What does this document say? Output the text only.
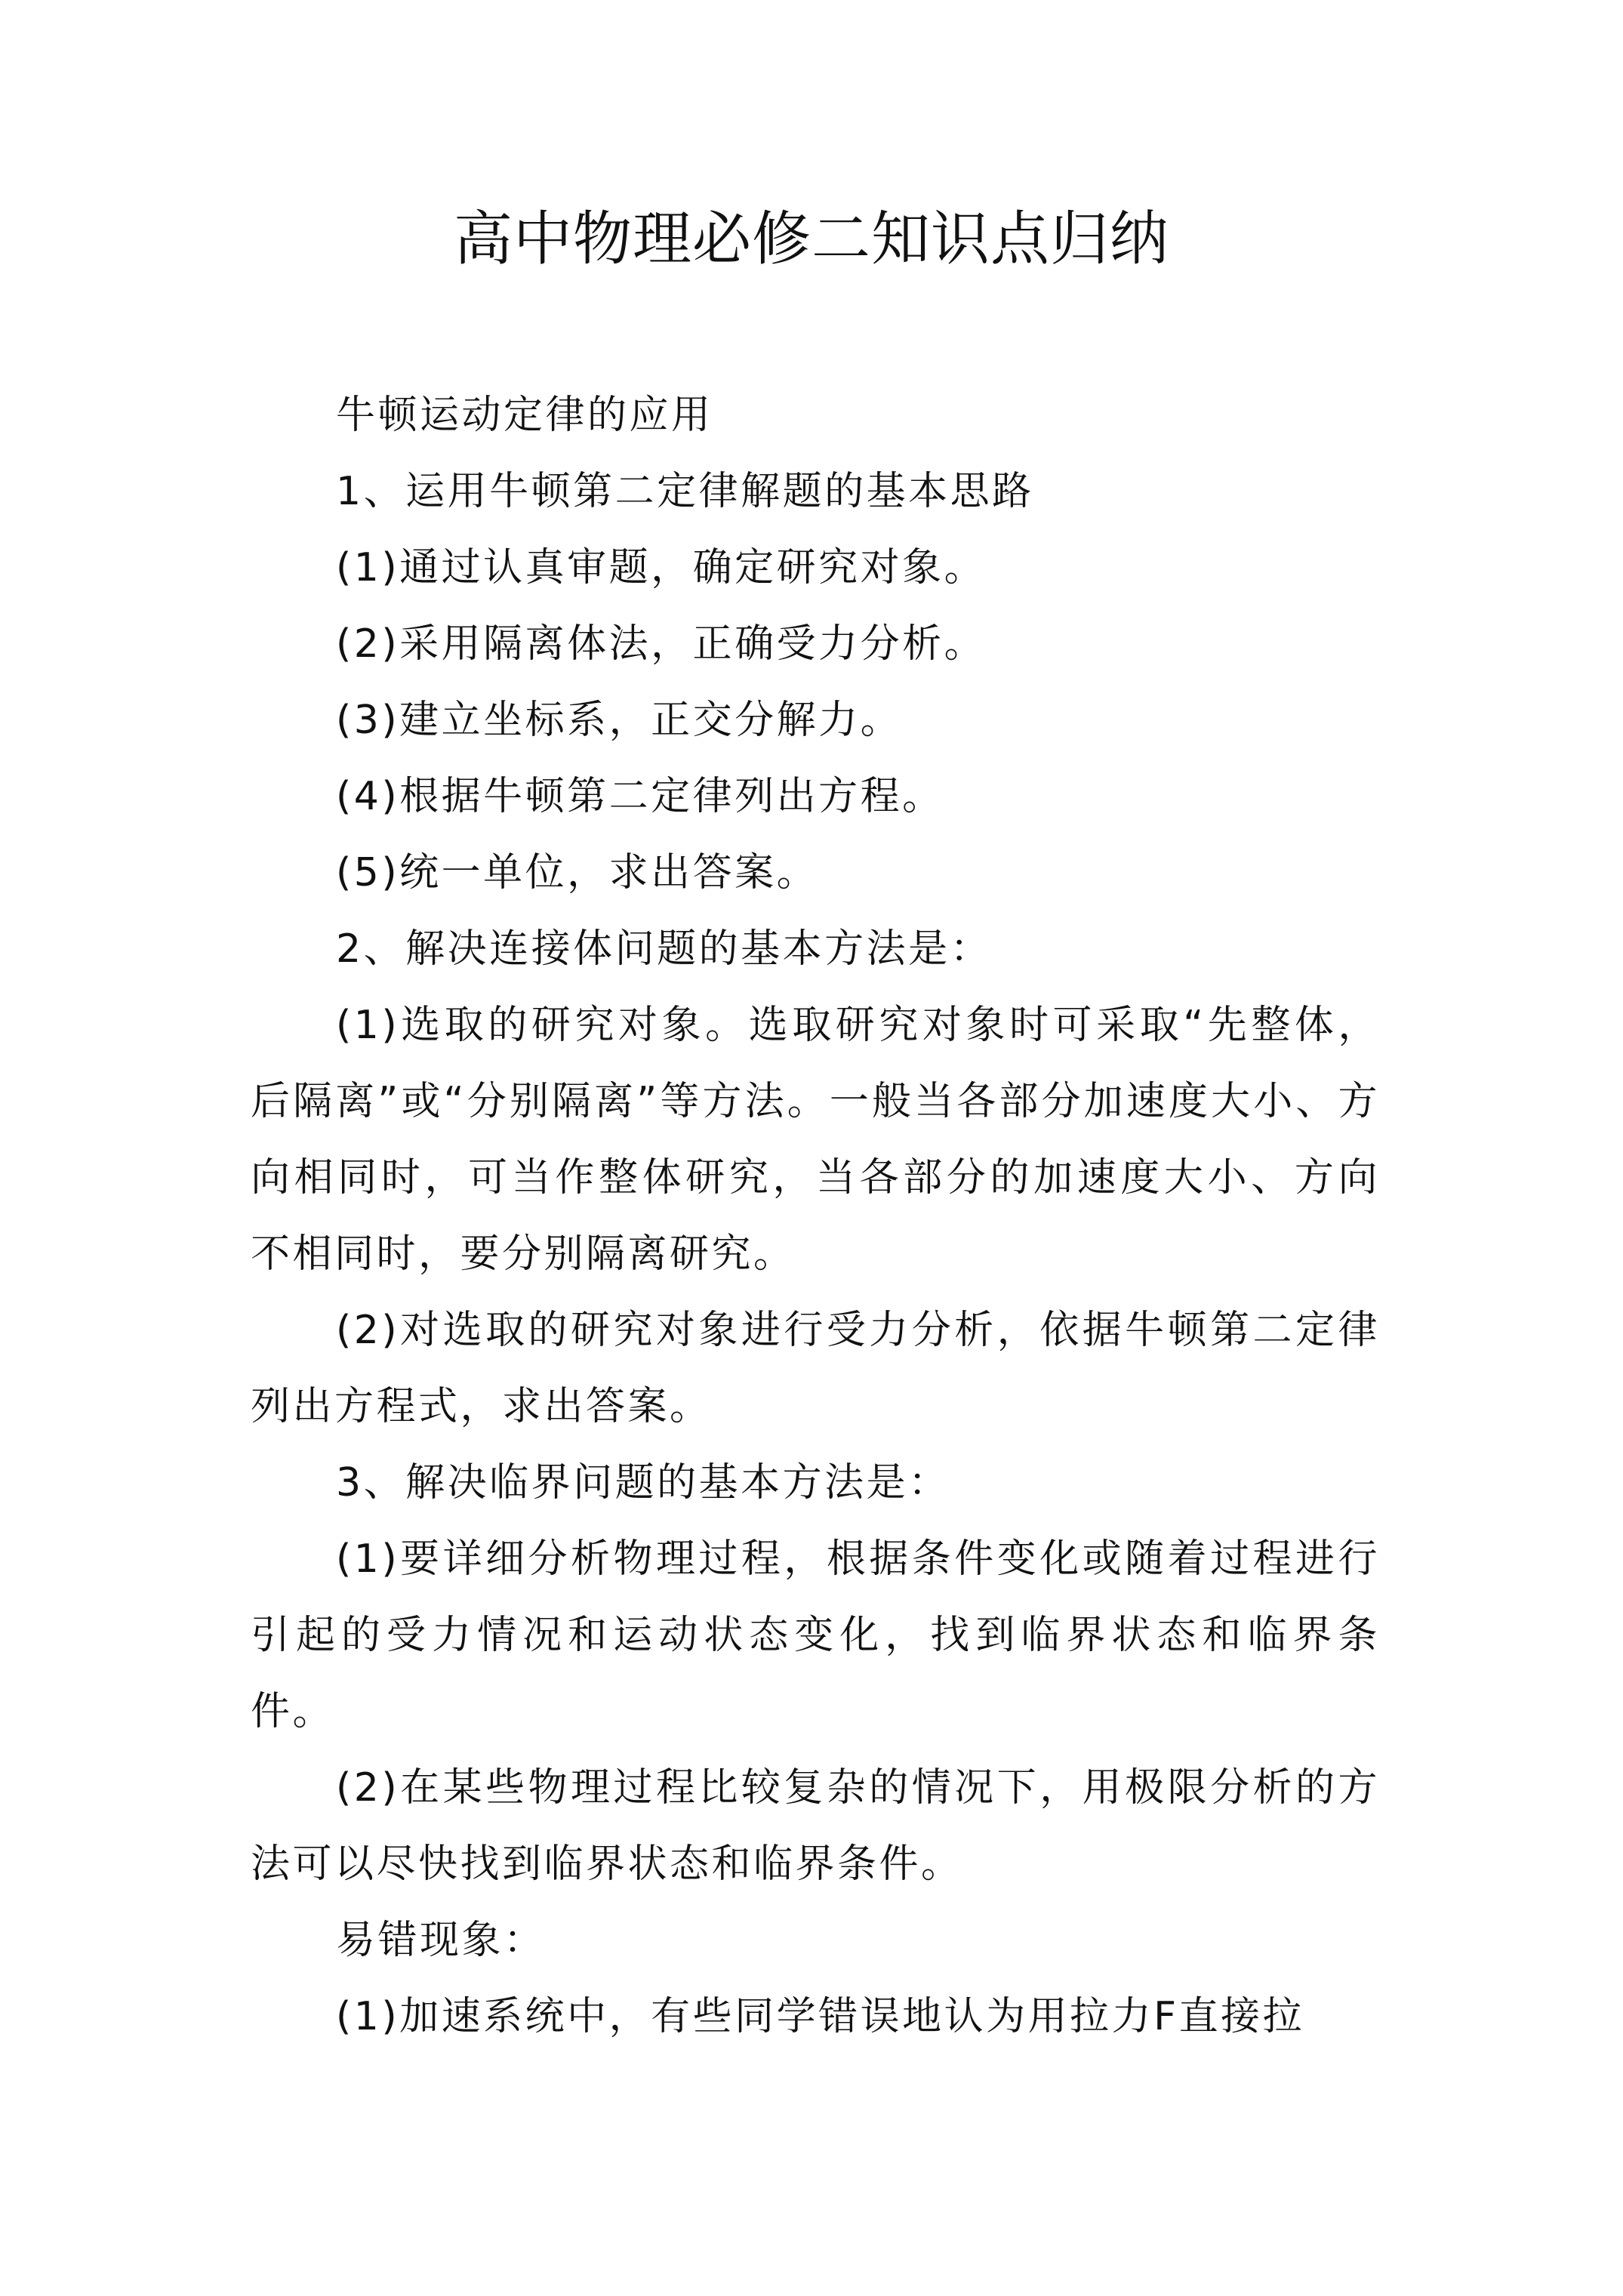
高中物理必修二知识点归纳

牛顿运动定律的应用

1、运用牛顿第二定律解题的基本思路

(1)通过认真审题，确定研究对象。

(2)采用隔离体法，正确受力分析。

(3)建立坐标系，正交分解力。

(4)根据牛顿第二定律列出方程。

(5)统一单位，求出答案。

2、解决连接体问题的基本方法是：

(1)选取的研究对象。选取研究对象时可采取“先整体，后隔离”或“分别隔离”等方法。一般当各部分加速度大小、方向相同时，可当作整体研究，当各部分的加速度大小、方向不相同时，要分别隔离研究。

(2)对选取的研究对象进行受力分析，依据牛顿第二定律列出方程式，求出答案。

3、解决临界问题的基本方法是：

(1)要详细分析物理过程，根据条件变化或随着过程进行引起的受力情况和运动状态变化，找到临界状态和临界条件。

(2)在某些物理过程比较复杂的情况下，用极限分析的方法可以尽快找到临界状态和临界条件。

易错现象：

(1)加速系统中，有些同学错误地认为用拉力F直接拉
